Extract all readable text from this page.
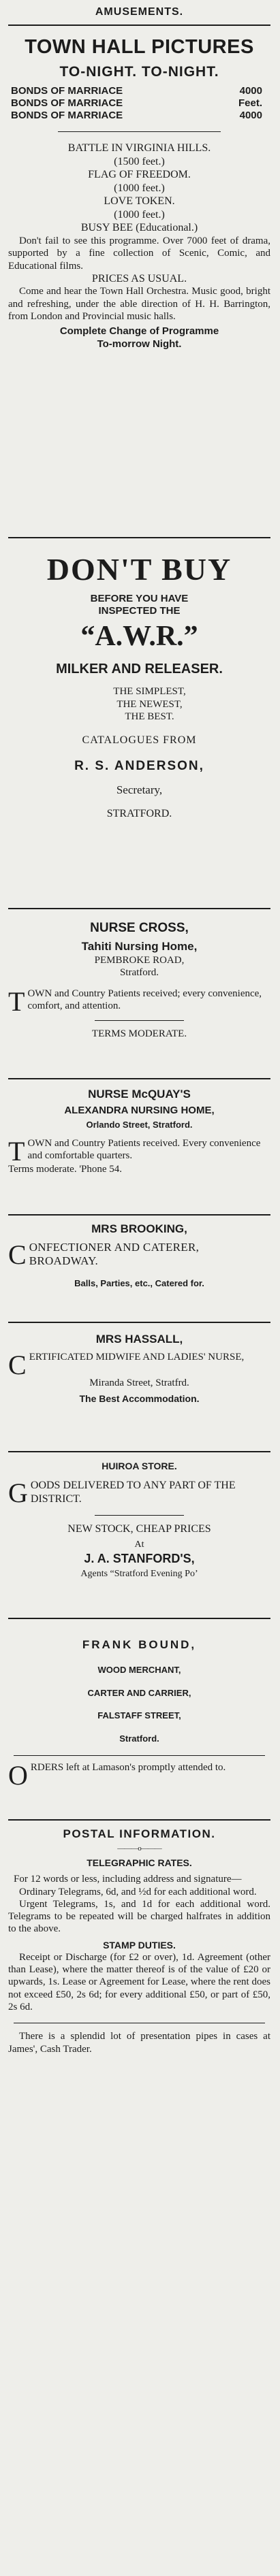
AMUSEMENTS.
TOWN HALL PICTURES
TO-NIGHT. TO-NIGHT.
BONDS OF MARRIACE	4000
BONDS OF MARRIACE	Feet.
BONDS OF MARRIACE	4000
BATTLE IN VIRGINIA HILLS.
(1500 feet.)
FLAG OF FREEDOM.
(1000 feet.)
LOVE TOKEN.
(1000 feet.)
BUSY BEE (Educational.)

Don't fail to see this programme. Over 7000 feet of drama, supported by a fine collection of Scenic, Comic, and Educational films.

PRICES AS USUAL.

Come and hear the Town Hall Orchestra. Music good, bright and refreshing, under the able direction of H. H. Barrington, from London and Provincial music halls.

Complete Change of Programme
To-morrow Night.
DON'T BUY
BEFORE YOU HAVE
INSPECTED THE
“A.W.R.”
MILKER AND RELEASER.
THE SIMPLEST,
THE NEWEST,
THE BEST.
CATALOGUES FROM
R. S. ANDERSON,
Secretary,
STRATFORD.
NURSE CROSS,
Tahiti Nursing Home,
PEMBROKE ROAD,
Stratford.
T OWN and Country Patients received; every convenience, comfort, and attention.
TERMS MODERATE.
NURSE McQUAY'S
ALEXANDRA NURSING HOME,
Orlando Street, Stratford.
T OWN and Country Patients received. Every convenience and comfortable quarters.
Terms moderate. 'Phone 54.
MRS BROOKING,
C ONFECTIONER AND CATERER, BROADWAY.
Balls, Parties, etc., Catered for.
MRS HASSALL,
C ERTIFICATED MIDWIFE AND LADIES' NURSE,
Miranda Street, Stratfrd.
The Best Accommodation.
HUIROA STORE.
G OODS DELIVERED TO ANY PART OF THE DISTRICT.
NEW STOCK, CHEAP PRICES
At
J. A. STANFORD'S,
Agents “Stratford Evening Po’
FRANK BOUND,
WOOD MERCHANT,
CARTER AND CARRIER,
FALSTAFF STREET,
Stratford.
O RDERS left at Lamason's promptly attended to.
POSTAL INFORMATION.
———o———
TELEGRAPHIC RATES.

For 12 words or less, including address and signature—

Ordinary Telegrams, 6d, and ½d for each additional word.

Urgent Telegrams, 1s, and 1d for each additional word. Telegrams to be repeated will be charged halfrates in addition to the above.

STAMP DUTIES.

Receipt or Discharge (for £2 or over), 1d. Agreement (other than Lease), where the matter thereof is of the value of £20 or upwards, 1s. Lease or Agreement for Lease, where the rent does not exceed £50, 2s 6d; for every additional £50, or part of £50, 2s 6d.

There is a splendid lot of presentation pipes in cases at James', Cash Trader.
